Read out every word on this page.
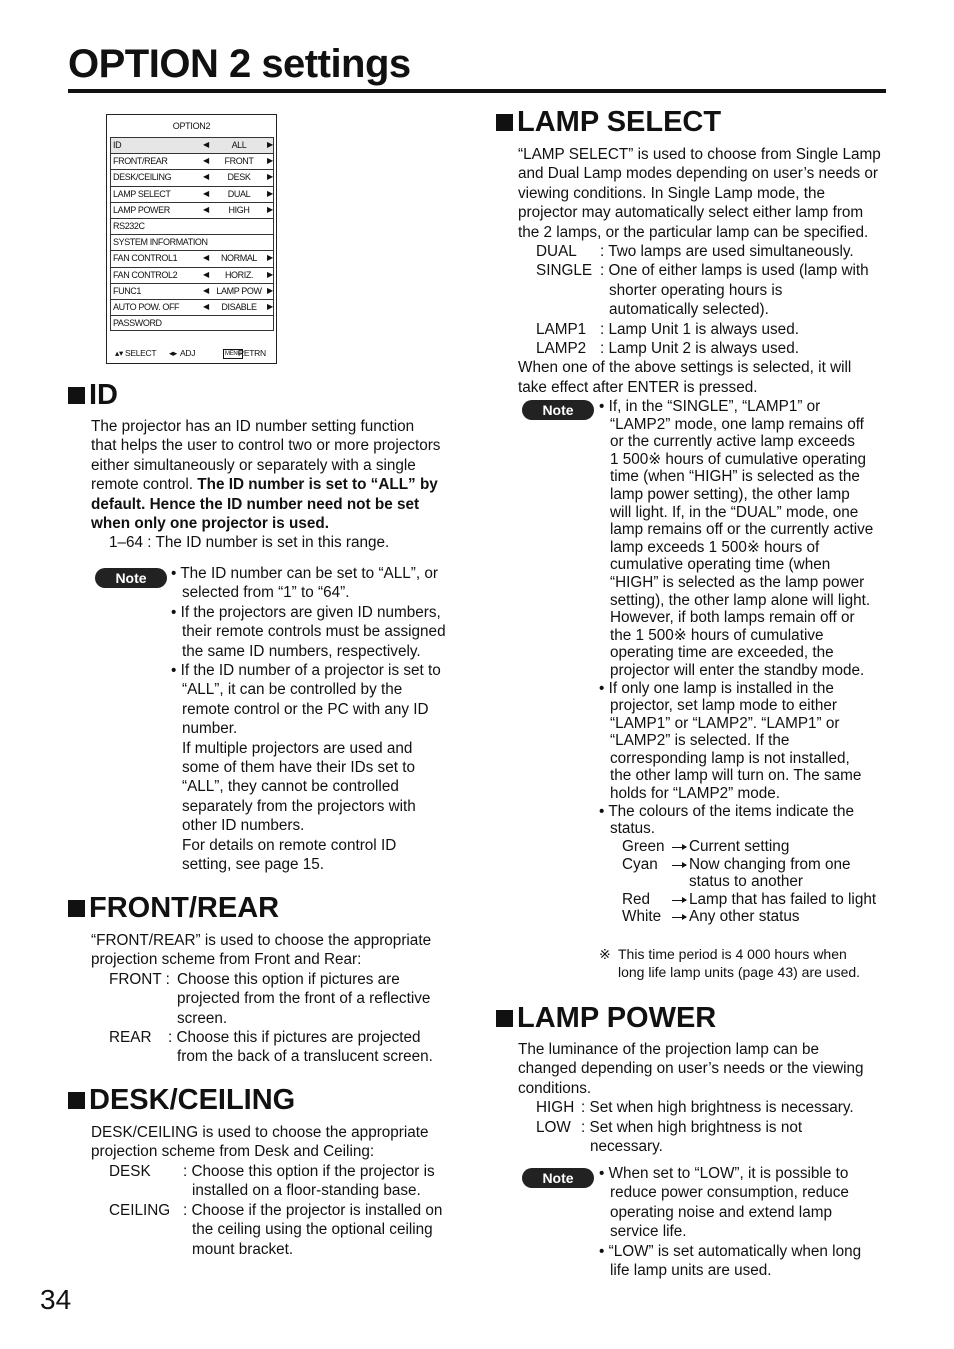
OPTION 2 settings
OPTION2
ID	◀	ALL	▶
FRONT/REAR	◀	FRONT	▶
DESK/CEILING	◀	DESK	▶
LAMP SELECT	◀	DUAL	▶
LAMP POWER	◀	HIGH	▶
RS232C
SYSTEM INFORMATION
FAN CONTROL1	◀	NORMAL	▶
FAN CONTROL2	◀	HORIZ.	▶
FUNC1	◀ LAMP POW ▶
AUTO POW. OFF	◀	DISABLE	▶
PASSWORD
▴▾ SELECT ◂▸ ADJ	MENU
RETRN
ID
The projector has an ID number setting function
that helps the user to control two or more projectors
either simultaneously or separately with a single
remote control. The ID number is set to “ALL” by
default. Hence the ID number need not be set
when only one projector is used.
1–64 : The ID number is set in this range.
Note	• The ID number can be set to “ALL”, or
selected from “1” to “64”.
• If the projectors are given ID numbers,
their remote controls must be assigned
the same ID numbers, respectively.
• If the ID number of a projector is set to
“ALL”, it can be controlled by the
remote control or the PC with any ID
number.
If multiple projectors are used and
some of them have their IDs set to
“ALL”, they cannot be controlled
separately from the projectors with
other ID numbers.
For details on remote control ID
setting, see page 15.
FRONT/REAR
“FRONT/REAR” is used to choose the appropriate
projection scheme from Front and Rear:
FRONT : Choose this option if pictures are
projected from the front of a reflective
screen.
REAR : Choose this if pictures are projected
from the back of a translucent screen.
DESK/CEILING
DESK/CEILING is used to choose the appropriate
projection scheme from Desk and Ceiling:
DESK : Choose this option if the projector is
installed on a floor-standing base.
CEILING : Choose if the projector is installed on
the ceiling using the optional ceiling
mount bracket.
LAMP SELECT
“LAMP SELECT” is used to choose from Single Lamp
and Dual Lamp modes depending on user’s needs or
viewing conditions. In Single Lamp mode, the
projector may automatically select either lamp from
the 2 lamps, or the particular lamp can be specified.
DUAL : Two lamps are used simultaneously.
SINGLE : One of either lamps is used (lamp with
shorter operating hours is
automatically selected).
LAMP1 : Lamp Unit 1 is always used.
LAMP2 : Lamp Unit 2 is always used.
When one of the above settings is selected, it will
take effect after ENTER is pressed.
Note	• If, in the “SINGLE”, “LAMP1” or
“LAMP2” mode, one lamp remains off
or the currently active lamp exceeds
1 500※ hours of cumulative operating
time (when “HIGH” is selected as the
lamp power setting), the other lamp
will light. If, in the “DUAL” mode, one
lamp remains off or the currently active
lamp exceeds 1 500※ hours of
cumulative operating time (when
“HIGH” is selected as the lamp power
setting), the other lamp alone will light.
However, if both lamps remain off or
the 1 500※ hours of cumulative
operating time are exceeded, the
projector will enter the standby mode.
• If only one lamp is installed in the
projector, set lamp mode to either
“LAMP1” or “LAMP2”. “LAMP1” or
“LAMP2” is selected. If the
corresponding lamp is not installed,
the other lamp will turn on. The same
holds for “LAMP2” mode.
• The colours of the items indicate the
status.
Green Current setting
Cyan Now changing from one
status to another
Red	Lamp that has failed to light
White Any other status
※ This time period is 4 000 hours when
long life lamp units (page 43) are used.
LAMP POWER
The luminance of the projection lamp can be
changed depending on user’s needs or the viewing
conditions.
HIGH : Set when high brightness is necessary.
LOW : Set when high brightness is not
necessary.
Note	• When set to “LOW”, it is possible to
reduce power consumption, reduce
operating noise and extend lamp
service life.
• “LOW” is set automatically when long
life lamp units are used.
34
